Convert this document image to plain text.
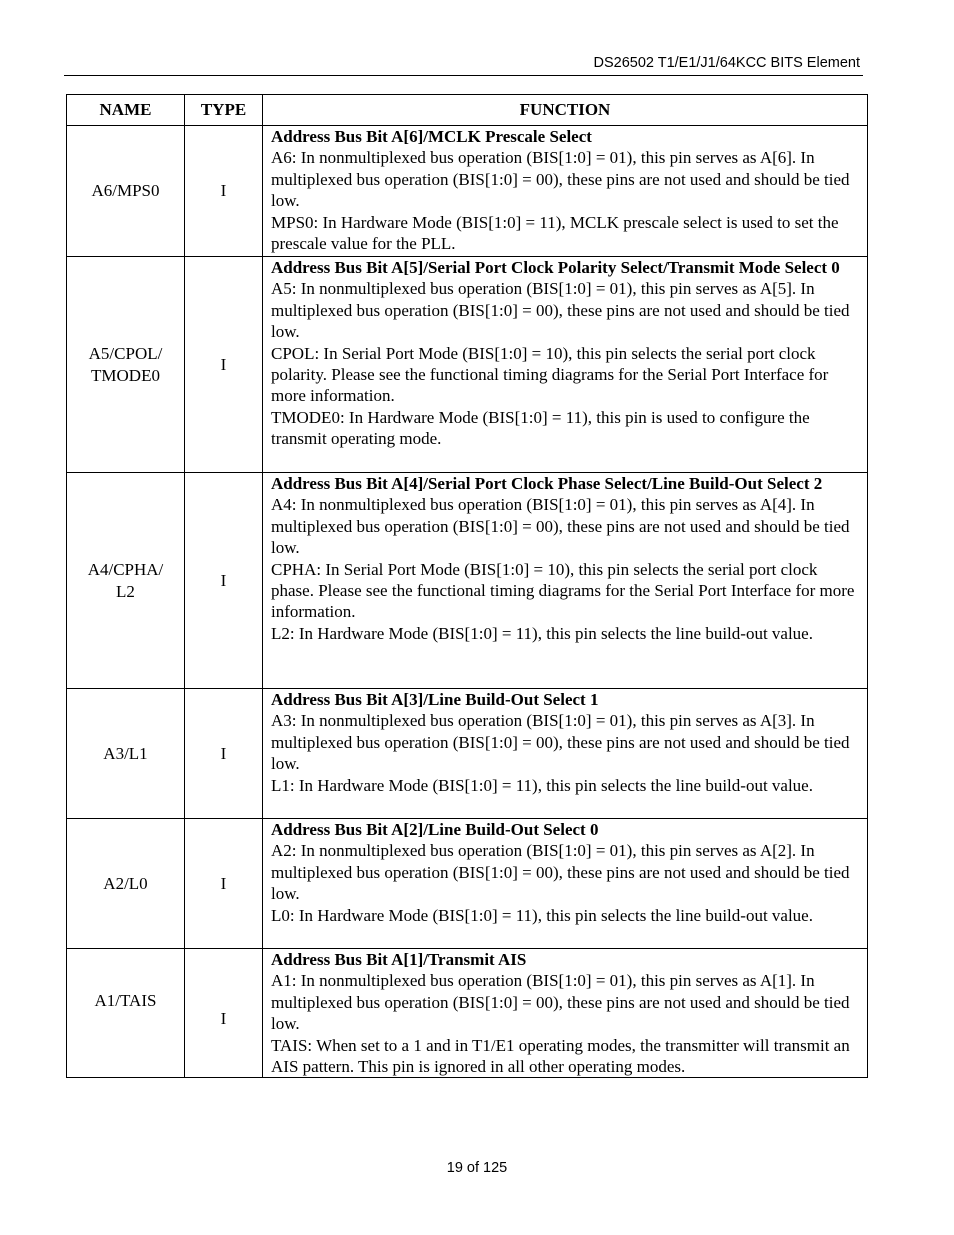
DS26502 T1/E1/J1/64KCC BITS Element
NAME	TYPE	FUNCTION
A6/MPS0	I	Address Bus Bit A[6]/MCLK Prescale Select
A6: In nonmultiplexed bus operation (BIS[1:0] = 01), this pin serves as A[6]. In multiplexed bus operation (BIS[1:0] = 00), these pins are not used and should be tied low.
MPS0: In Hardware Mode (BIS[1:0] = 11), MCLK prescale select is used to set the prescale value for the PLL.

A5/CPOL/
TMODE0	I	Address Bus Bit A[5]/Serial Port Clock Polarity Select/Transmit Mode Select 0
A5: In nonmultiplexed bus operation (BIS[1:0] = 01), this pin serves as A[5]. In multiplexed bus operation (BIS[1:0] = 00), these pins are not used and should be tied low.
CPOL: In Serial Port Mode (BIS[1:0] = 10), this pin selects the serial port clock polarity. Please see the functional timing diagrams for the Serial Port Interface for more information.
TMODE0: In Hardware Mode (BIS[1:0] = 11), this pin is used to configure the transmit operating mode.

A4/CPHA/
L2	I	Address Bus Bit A[4]/Serial Port Clock Phase Select/Line Build-Out Select 2
A4: In nonmultiplexed bus operation (BIS[1:0] = 01), this pin serves as A[4]. In multiplexed bus operation (BIS[1:0] = 00), these pins are not used and should be tied low.
CPHA: In Serial Port Mode (BIS[1:0] = 10), this pin selects the serial port clock phase. Please see the functional timing diagrams for the Serial Port Interface for more information.
L2: In Hardware Mode (BIS[1:0] = 11), this pin selects the line build-out value.

A3/L1	I	Address Bus Bit A[3]/Line Build-Out Select 1
A3: In nonmultiplexed bus operation (BIS[1:0] = 01), this pin serves as A[3]. In multiplexed bus operation (BIS[1:0] = 00), these pins are not used and should be tied low.
L1: In Hardware Mode (BIS[1:0] = 11), this pin selects the line build-out value.

A2/L0	I	Address Bus Bit A[2]/Line Build-Out Select 0
A2: In nonmultiplexed bus operation (BIS[1:0] = 01), this pin serves as A[2]. In multiplexed bus operation (BIS[1:0] = 00), these pins are not used and should be tied low.
L0: In Hardware Mode (BIS[1:0] = 11), this pin selects the line build-out value.

A1/TAIS	I	Address Bus Bit A[1]/Transmit AIS
A1: In nonmultiplexed bus operation (BIS[1:0] = 01), this pin serves as A[1]. In multiplexed bus operation (BIS[1:0] = 00), these pins are not used and should be tied low.
TAIS: When set to a 1 and in T1/E1 operating modes, the transmitter will transmit an AIS pattern. This pin is ignored in all other operating modes.
19 of 125
